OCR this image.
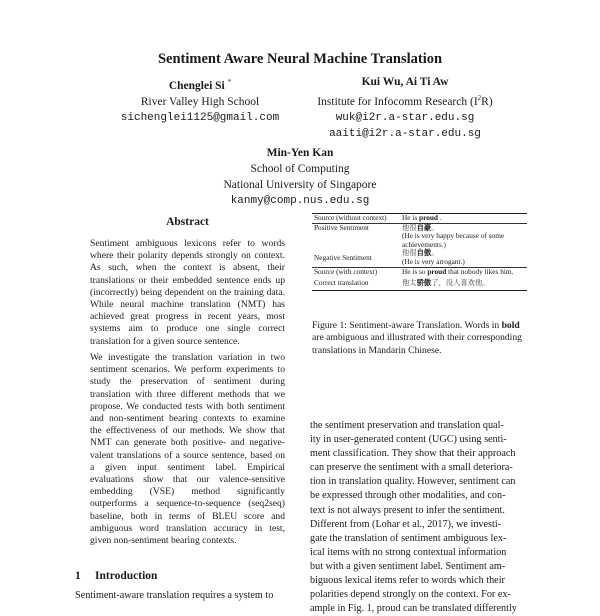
Sentiment Aware Neural Machine Translation
Chenglei Si *
River Valley High School
sichenglei1125@gmail.com
Kui Wu, Ai Ti Aw
Institute for Infocomm Research $(I^2R)$
wuk@i2r.a-star.edu.sg
aaiti@i2r.a-star.edu.sg
Min-Yen Kan
School of Computing
National University of Singapore
kanmy@comp.nus.edu.sg
Abstract
Sentiment ambiguous lexicons refer to words where their polarity depends strongly on context. As such, when the context is absent, their translations or their embedded sentence ends up (incorrectly) being dependent on the training data. While neural machine translation (NMT) has achieved great progress in recent years, most systems aim to produce one single correct translation for a given source sentence.
We investigate the translation variation in two sentiment scenarios. We perform experiments to study the preservation of sentiment during translation with three different methods that we propose. We conducted tests with both sentiment and non-sentiment bearing contexts to examine the effectiveness of our methods. We show that NMT can generate both positive- and negative-valent translations of a source sentence, based on a given input sentiment label. Empirical evaluations show that our valence-sensitive embedding (VSE) method significantly outperforms a sequence-to-sequence (seq2seq) baseline, both in terms of BLEU score and ambiguous word translation accuracy in test, given non-sentiment bearing contexts.
1 Introduction
Sentiment-aware translation requires a system to
Source (without context)	He is proud .
Positive Sentiment	他很自豪。
(He is very happy because of some achievements.)

Negative Sentiment	他很自傲。
(He is very arrogant.)

Source (with context)	He is so proud that nobody likes him.
Correct translation	他太骄傲了，没人喜欢他。
Figure 1: Sentiment-aware Translation. Words in bold are ambiguous and illustrated with their corresponding translations in Mandarin Chinese.
the sentiment preservation and translation qual-
ity in user-generated content (UGC) using senti-
ment classification. They show that their approach
can preserve the sentiment with a small deteriora-
tion in translation quality. However, sentiment can
be expressed through other modalities, and con-
text is not always present to infer the sentiment.
Different from (Lohar et al., 2017), we investi-
gate the translation of sentiment ambiguous lex-
ical items with no strong contextual information
but with a given sentiment label. Sentiment am-
biguous lexical items refer to words which their
polarities depend strongly on the context. For ex-
ample in Fig. 1, proud can be translated differently
